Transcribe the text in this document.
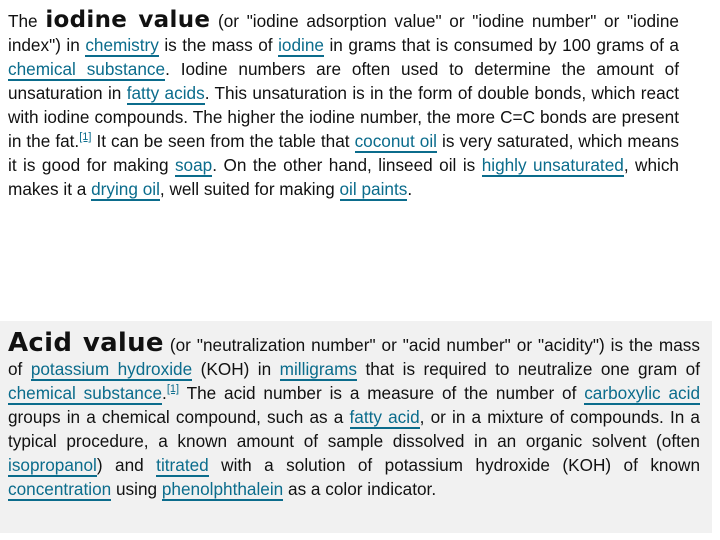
The iodine value (or "iodine adsorption value" or "iodine number" or "iodine index") in chemistry is the mass of iodine in grams that is consumed by 100 grams of a chemical substance. Iodine numbers are often used to determine the amount of unsaturation in fatty acids. This unsaturation is in the form of double bonds, which react with iodine compounds. The higher the iodine number, the more C=C bonds are present in the fat.[1] It can be seen from the table that coconut oil is very saturated, which means it is good for making soap. On the other hand, linseed oil is highly unsaturated, which makes it a drying oil, well suited for making oil paints.

Acid value (or "neutralization number" or "acid number" or "acidity") is the mass of potassium hydroxide (KOH) in milligrams that is required to neutralize one gram of chemical substance.[1] The acid number is a measure of the number of carboxylic acid groups in a chemical compound, such as a fatty acid, or in a mixture of compounds. In a typical procedure, a known amount of sample dissolved in an organic solvent (often isopropanol) and titrated with a solution of potassium hydroxide (KOH) of known concentration using phenolphthalein as a color indicator.
